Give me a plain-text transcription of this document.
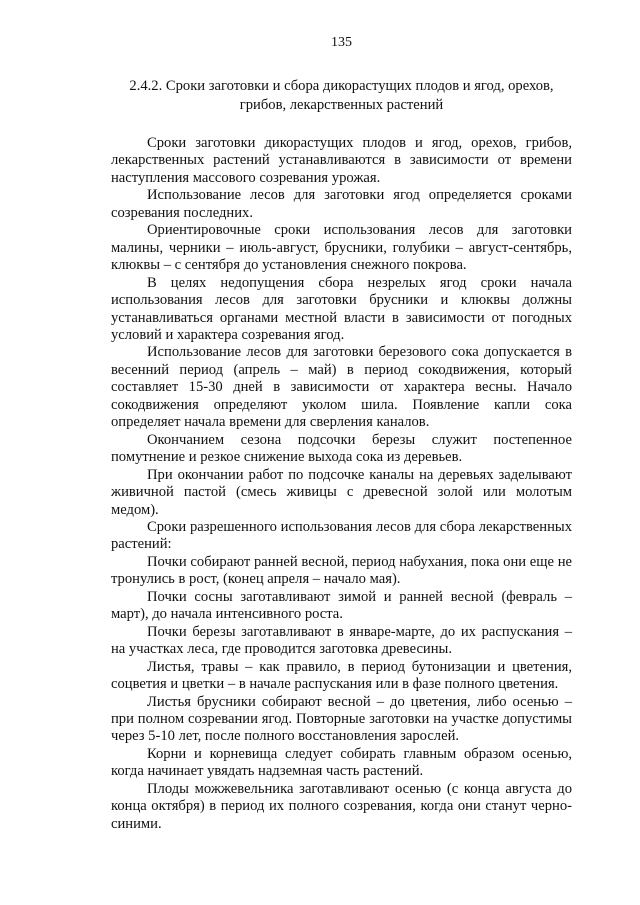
135
2.4.2. Сроки заготовки и сбора дикорастущих плодов и ягод, орехов,
грибов, лекарственных растений

Сроки заготовки дикорастущих плодов и ягод, орехов, грибов, лекарственных растений устанавливаются в зависимости от времени наступления массового созревания урожая.

Использование лесов для заготовки ягод определяется сроками созревания последних.

Ориентировочные сроки использования лесов для заготовки малины, черники – июль-август, брусники, голубики – август-сентябрь, клюквы – с сентября до установления снежного покрова.

В целях недопущения сбора незрелых ягод сроки начала использования лесов для заготовки брусники и клюквы должны устанавливаться органами местной власти в зависимости от погодных условий и характера созревания ягод.

Использование лесов для заготовки березового сока допускается в весенний период (апрель – май) в период сокодвижения, который составляет 15-30 дней в зависимости от характера весны. Начало сокодвижения определяют уколом шила. Появление капли сока определяет начала времени для сверления каналов.

Окончанием сезона подсочки березы служит постепенное помутнение и резкое снижение выхода сока из деревьев.

При окончании работ по подсочке каналы на деревьях заделывают живичной пастой (смесь живицы с древесной золой или молотым медом).

Сроки разрешенного использования лесов для сбора лекарственных растений:

Почки собирают ранней весной, период набухания, пока они еще не тронулись в рост, (конец апреля – начало мая).

Почки сосны заготавливают зимой и ранней весной (февраль – март), до начала интенсивного роста.

Почки березы заготавливают в январе-марте, до их распускания – на участках леса, где проводится заготовка древесины.

Листья, травы – как правило, в период бутонизации и цветения, соцветия и цветки – в начале распускания или в фазе полного цветения.

Листья брусники собирают весной – до цветения, либо осенью – при полном созревании ягод. Повторные заготовки на участке допустимы через 5-10 лет, после полного восстановления зарослей.

Корни и корневища следует собирать главным образом осенью, когда начинает увядать надземная часть растений.

Плоды можжевельника заготавливают осенью (с конца августа до конца октября) в период их полного созревания, когда они станут черно-синими.
